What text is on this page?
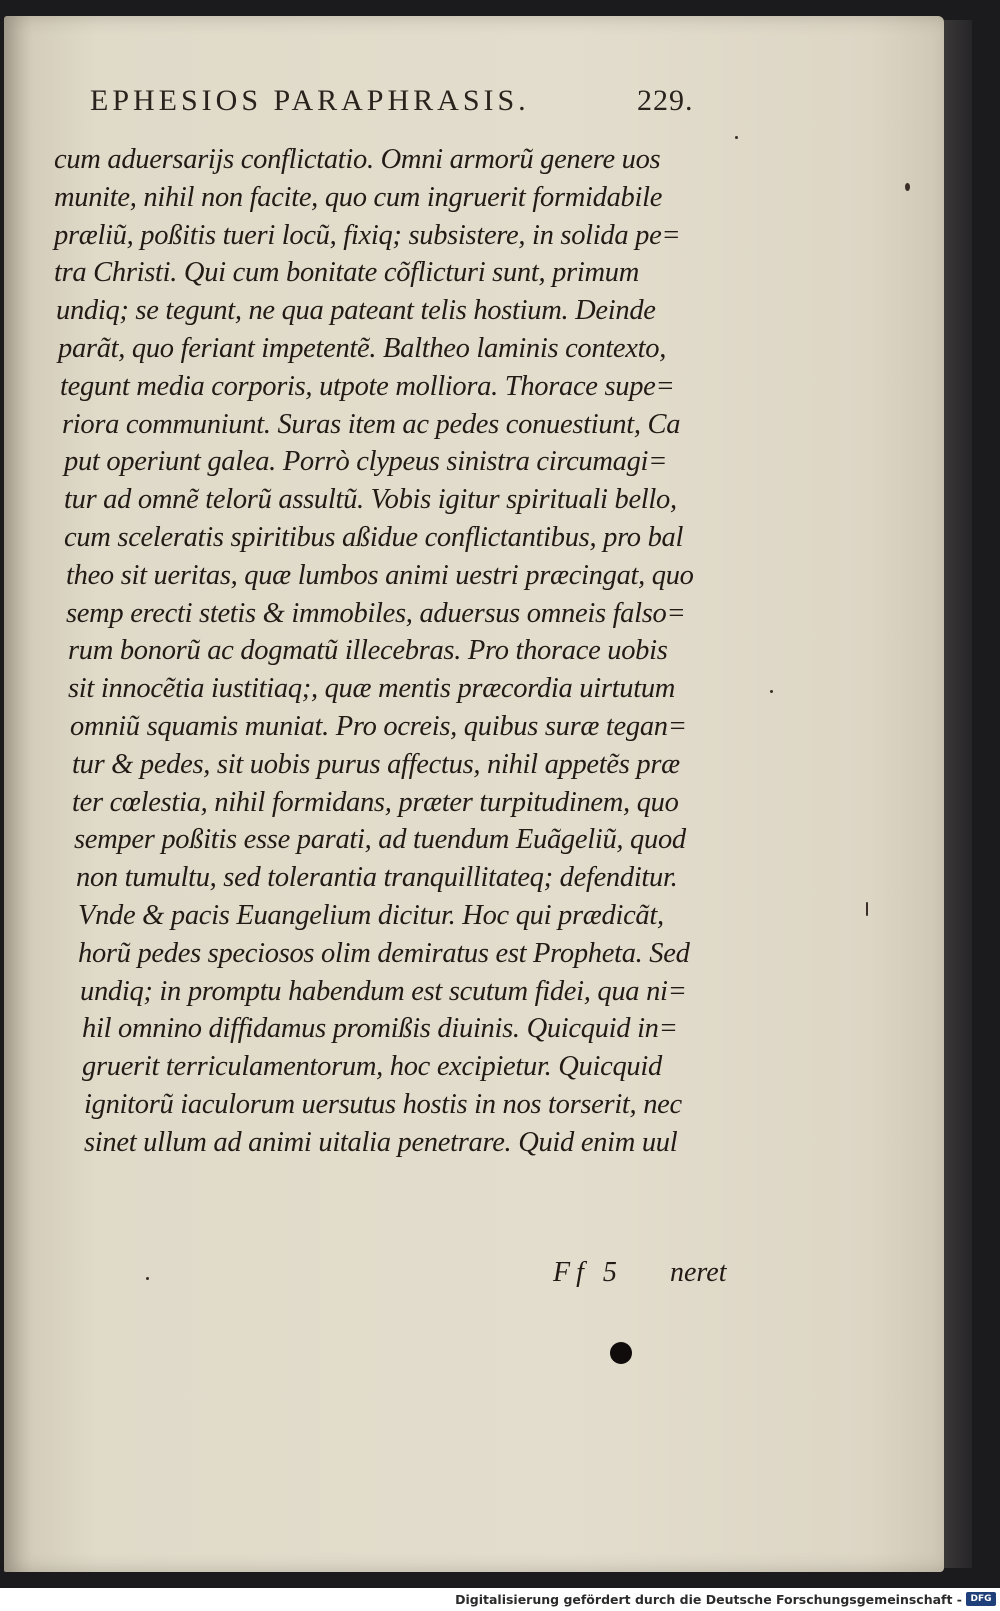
EPHESIOS PARAPHRASIS.	229.
cum aduersarijs conflictatio. Omni armorũ genere uos
munite, nihil non facite, quo cum ingruerit formidabile
præliũ, poßitis tueri locũ, fixiq; subsistere, in solida pe=
tra Christi. Qui cum bonitate cõflicturi sunt, primum
undiq; se tegunt, ne qua pateant telis hostium. Deinde
parãt, quo feriant impetentẽ. Baltheo laminis contexto,
tegunt media corporis, utpote molliora. Thorace supe=
riora communiunt. Suras item ac pedes conuestiunt, Ca
put operiunt galea. Porrò clypeus sinistra circumagi=
tur ad omnẽ telorũ assultũ. Vobis igitur spirituali bello,
cum sceleratis spiritibus aßidue conflictantibus, pro bal
theo sit ueritas, quæ lumbos animi uestri præcingat, quo
semp erecti stetis & immobiles, aduersus omneis falso=
rum bonorũ ac dogmatũ illecebras. Pro thorace uobis
sit innocẽtia iustitiaq;, quæ mentis præcordia uirtutum
omniũ squamis muniat. Pro ocreis, quibus suræ tegan=
tur & pedes, sit uobis purus affectus, nihil appetẽs præ
ter cœlestia, nihil formidans, præter turpitudinem, quo
semper poßitis esse parati, ad tuendum Euãgeliũ, quod
non tumultu, sed tolerantia tranquillitateq; defenditur.
Vnde & pacis Euangelium dicitur. Hoc qui prædicãt,
horũ pedes speciosos olim demiratus est Propheta. Sed
undiq; in promptu habendum est scutum fidei, qua ni=
hil omnino diffidamus promißis diuinis. Quicquid in=
gruerit terriculamentorum, hoc excipietur. Quicquid
ignitorũ iaculorum uersutus hostis in nos torserit, nec
sinet ullum ad animi uitalia penetrare. Quid enim uul
Ff 5 neret
Digitalisierung gefördert durch die Deutsche Forschungsgemeinschaft - DFG
